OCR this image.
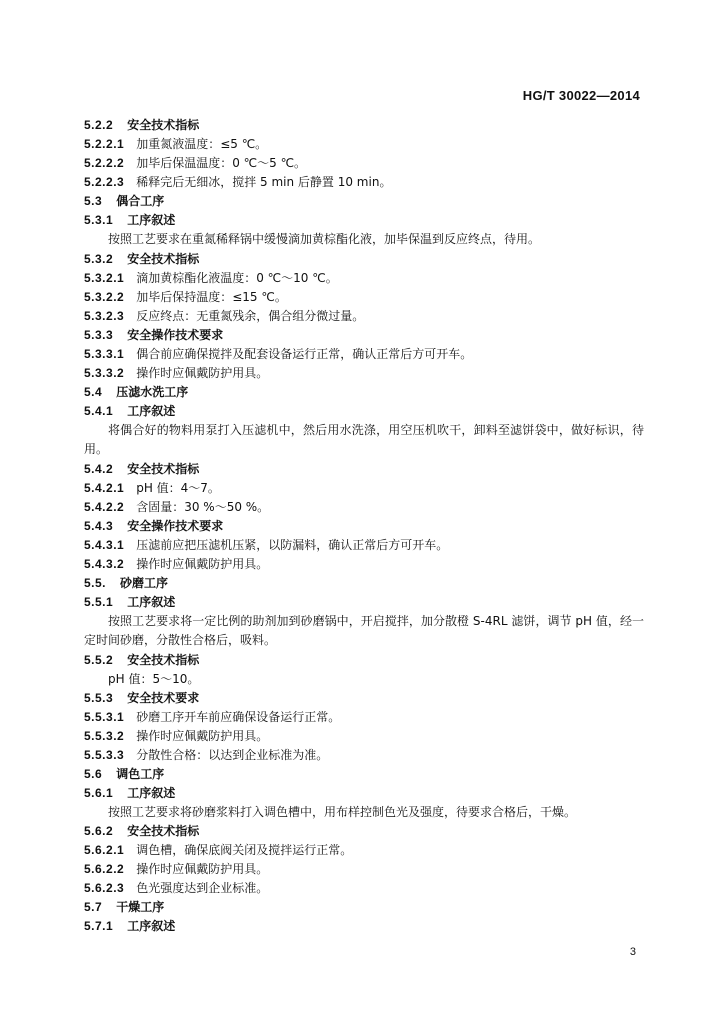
HG/T 30022—2014
5.2.2 安全技术指标
5.2.2.1 加重氮液温度：≤5 ℃。
5.2.2.2 加毕后保温温度：0 ℃～5 ℃。
5.2.2.3 稀释完后无细冰，搅拌 5 min 后静置 10 min。
5.3 偶合工序
5.3.1 工序叙述
按照工艺要求在重氮稀释锅中缓慢滴加黄棕酯化液，加毕保温到反应终点，待用。
5.3.2 安全技术指标
5.3.2.1 滴加黄棕酯化液温度：0 ℃～10 ℃。
5.3.2.2 加毕后保持温度：≤15 ℃。
5.3.2.3 反应终点：无重氮残余，偶合组分微过量。
5.3.3 安全操作技术要求
5.3.3.1 偶合前应确保搅拌及配套设备运行正常，确认正常后方可开车。
5.3.3.2 操作时应佩戴防护用具。
5.4 压滤水洗工序
5.4.1 工序叙述
将偶合好的物料用泵打入压滤机中，然后用水洗涤，用空压机吹干，卸料至滤饼袋中，做好标识，待用。
5.4.2 安全技术指标
5.4.2.1 pH 值：4～7。
5.4.2.2 含固量：30 %～50 %。
5.4.3 安全操作技术要求
5.4.3.1 压滤前应把压滤机压紧，以防漏料，确认正常后方可开车。
5.4.3.2 操作时应佩戴防护用具。
5.5. 砂磨工序
5.5.1 工序叙述
按照工艺要求将一定比例的助剂加到砂磨锅中，开启搅拌，加分散橙 S-4RL 滤饼，调节 pH 值，经一定时间砂磨，分散性合格后，吸料。
5.5.2 安全技术指标
pH 值：5～10。
5.5.3 安全技术要求
5.5.3.1 砂磨工序开车前应确保设备运行正常。
5.5.3.2 操作时应佩戴防护用具。
5.5.3.3 分散性合格：以达到企业标准为准。
5.6 调色工序
5.6.1 工序叙述
按照工艺要求将砂磨浆料打入调色槽中，用布样控制色光及强度，待要求合格后，干燥。
5.6.2 安全技术指标
5.6.2.1 调色槽，确保底阀关闭及搅拌运行正常。
5.6.2.2 操作时应佩戴防护用具。
5.6.2.3 色光强度达到企业标准。
5.7 干燥工序
5.7.1 工序叙述
3
